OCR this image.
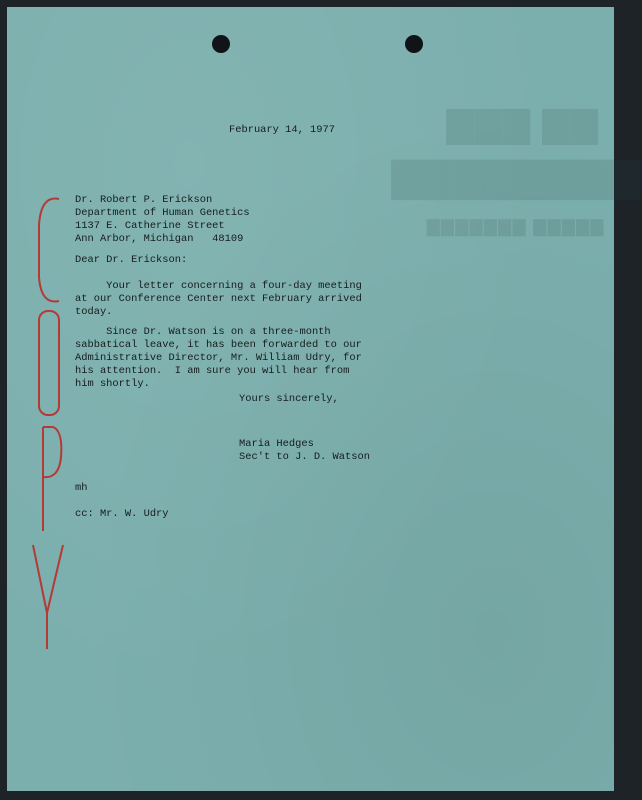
▇▇▇ ▇▇
▇▇▇▇▇▇▇▇
▇▇▇▇▇▇▇ ▇▇▇▇▇
February 14, 1977
Dr. Robert P. Erickson
Department of Human Genetics
1137 E. Catherine Street
Ann Arbor, Michigan   48109
Dear Dr. Erickson:
Your letter concerning a four-day meeting
at our Conference Center next February arrived
today.
Since Dr. Watson is on a three-month
sabbatical leave, it has been forwarded to our
Administrative Director, Mr. William Udry, for
his attention.  I am sure you will hear from
him shortly.
Yours sincerely,
Maria Hedges
Sec't to J. D. Watson
mh
cc: Mr. W. Udry
